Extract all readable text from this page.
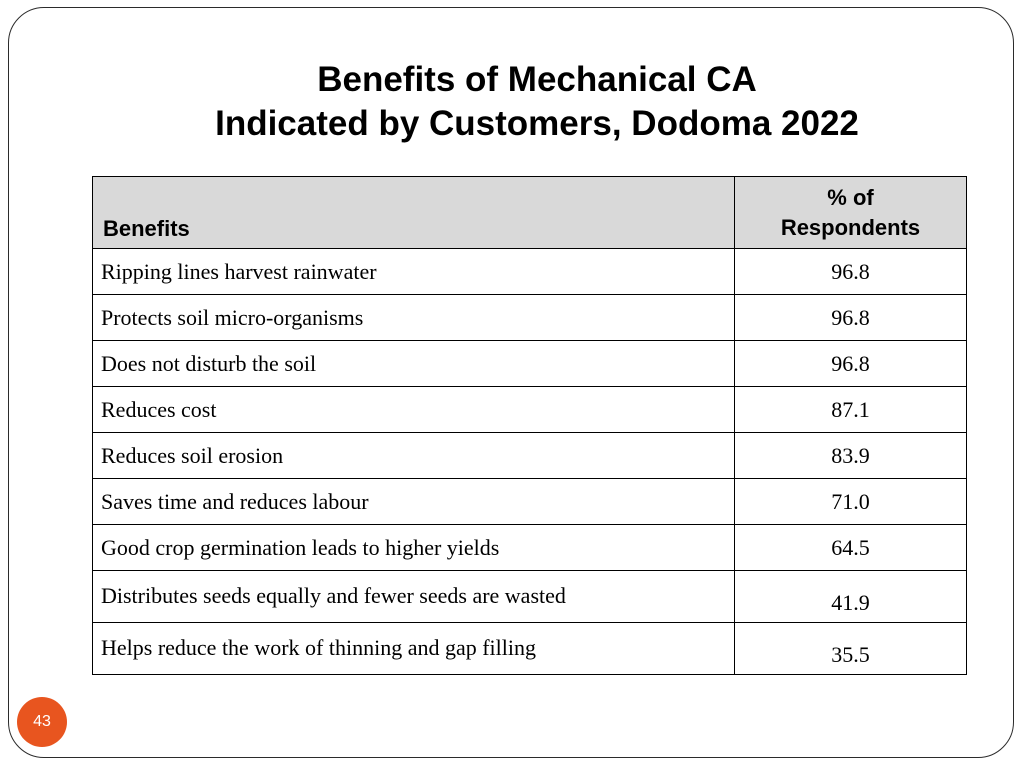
Benefits of Mechanical CA
Indicated by Customers, Dodoma 2022
Benefits	% of
Respondents

Ripping lines harvest rainwater	96.8
Protects soil micro-organisms	96.8
Does not disturb the soil	96.8
Reduces cost	87.1
Reduces soil erosion	83.9
Saves time and reduces labour	71.0
Good crop germination leads to higher yields	64.5
Distributes seeds equally and fewer seeds are wasted	41.9
Helps reduce the work of thinning and gap filling	35.5
43
